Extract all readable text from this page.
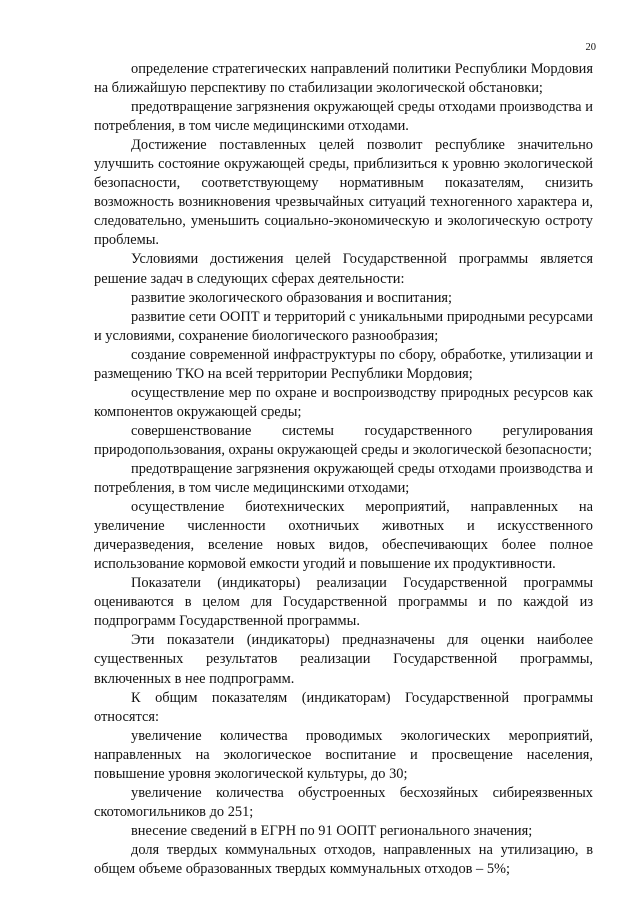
20

определение стратегических направлений политики Республики Мордовия на ближайшую перспективу по стабилизации экологической обстановки;

предотвращение загрязнения окружающей среды отходами производства и потребления, в том числе медицинскими отходами.

Достижение поставленных целей позволит республике значительно улучшить состояние окружающей среды, приблизиться к уровню экологической безопасности, соответствующему нормативным показателям, снизить возможность возникновения чрезвычайных ситуаций техногенного характера и, следовательно, уменьшить социально-экономическую и экологическую остроту проблемы.

Условиями достижения целей Государственной программы является решение задач в следующих сферах деятельности:

развитие экологического образования и воспитания;

развитие сети ООПТ и территорий с уникальными природными ресурсами и условиями, сохранение биологического разнообразия;

создание современной инфраструктуры по сбору, обработке, утилизации и размещению ТКО на всей территории Республики Мордовия;

осуществление мер по охране и воспроизводству природных ресурсов как компонентов окружающей среды;

совершенствование системы государственного регулирования природопользования, охраны окружающей среды и экологической безопасности;

предотвращение загрязнения окружающей среды отходами производства и потребления, в том числе медицинскими отходами;

осуществление биотехнических мероприятий, направленных на увеличение численности охотничьих животных и искусственного дичеразведения, вселение новых видов, обеспечивающих более полное использование кормовой емкости угодий и повышение их продуктивности.

Показатели (индикаторы) реализации Государственной программы оцениваются в целом для Государственной программы и по каждой из подпрограмм Государственной программы.

Эти показатели (индикаторы) предназначены для оценки наиболее существенных результатов реализации Государственной программы, включенных в нее подпрограмм.

К общим показателям (индикаторам) Государственной программы относятся:

увеличение количества проводимых экологических мероприятий, направленных на экологическое воспитание и просвещение населения, повышение уровня экологической культуры, до 30;

увеличение количества обустроенных бесхозяйных сибиреязвенных скотомогильников до 251;

внесение сведений в ЕГРН по 91 ООПТ регионального значения;

доля твердых коммунальных отходов, направленных на утилизацию, в общем объеме образованных твердых коммунальных отходов – 5%;
